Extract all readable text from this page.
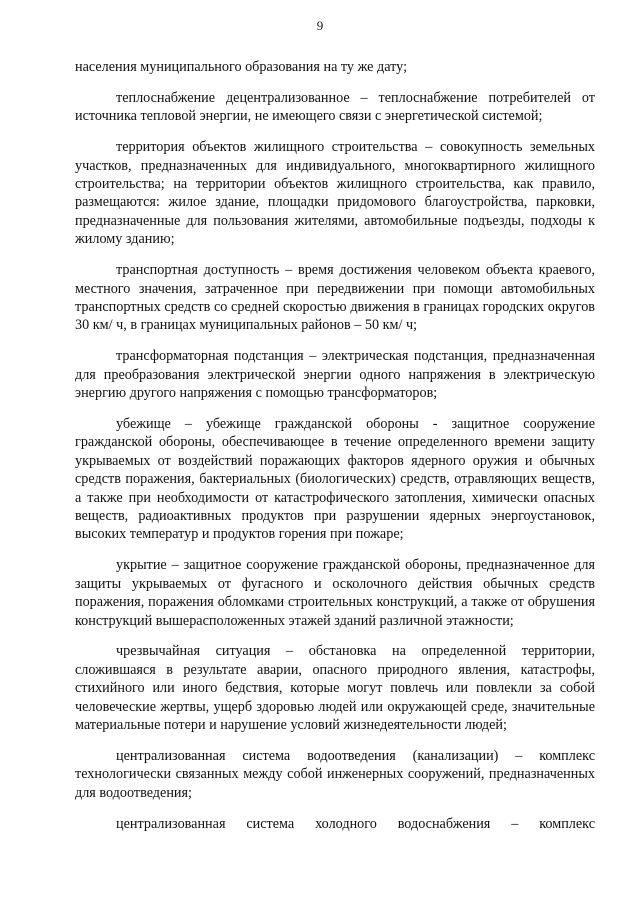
9

населения муниципального образования на ту же дату;

теплоснабжение децентрализованное – теплоснабжение потребителей от источника тепловой энергии, не имеющего связи с энергетической системой;

территория объектов жилищного строительства – совокупность земельных участков, предназначенных для индивидуального, многоквартирного жилищного строительства; на территории объектов жилищного строительства, как правило, размещаются: жилое здание, площадки придомового благоустройства, парковки, предназначенные для пользования жителями, автомобильные подъезды, подходы к жилому зданию;

транспортная доступность – время достижения человеком объекта краевого, местного значения, затраченное при передвижении при помощи автомобильных транспортных средств со средней скоростью движения в границах городских округов 30 км/ ч, в границах муниципальных районов – 50 км/ ч;

трансформаторная подстанция – электрическая подстанция, предназначенная для преобразования электрической энергии одного напряжения в электрическую энергию другого напряжения с помощью трансформаторов;

убежище – убежище гражданской обороны - защитное сооружение гражданской обороны, обеспечивающее в течение определенного времени защиту укрываемых от воздействий поражающих факторов ядерного оружия и обычных средств поражения, бактериальных (биологических) средств, отравляющих веществ, а также при необходимости от катастрофического затопления, химически опасных веществ, радиоактивных продуктов при разрушении ядерных энергоустановок, высоких температур и продуктов горения при пожаре;

укрытие – защитное сооружение гражданской обороны, предназначенное для защиты укрываемых от фугасного и осколочного действия обычных средств поражения, поражения обломками строительных конструкций, а также от обрушения конструкций вышерасположенных этажей зданий различной этажности;

чрезвычайная ситуация – обстановка на определенной территории, сложившаяся в результате аварии, опасного природного явления, катастрофы, стихийного или иного бедствия, которые могут повлечь или повлекли за собой человеческие жертвы, ущерб здоровью людей или окружающей среде, значительные материальные потери и нарушение условий жизнедеятельности людей;

централизованная система водоотведения (канализации) – комплекс технологически связанных между собой инженерных сооружений, предназначенных для водоотведения;

централизованная система холодного водоснабжения – комплекс
